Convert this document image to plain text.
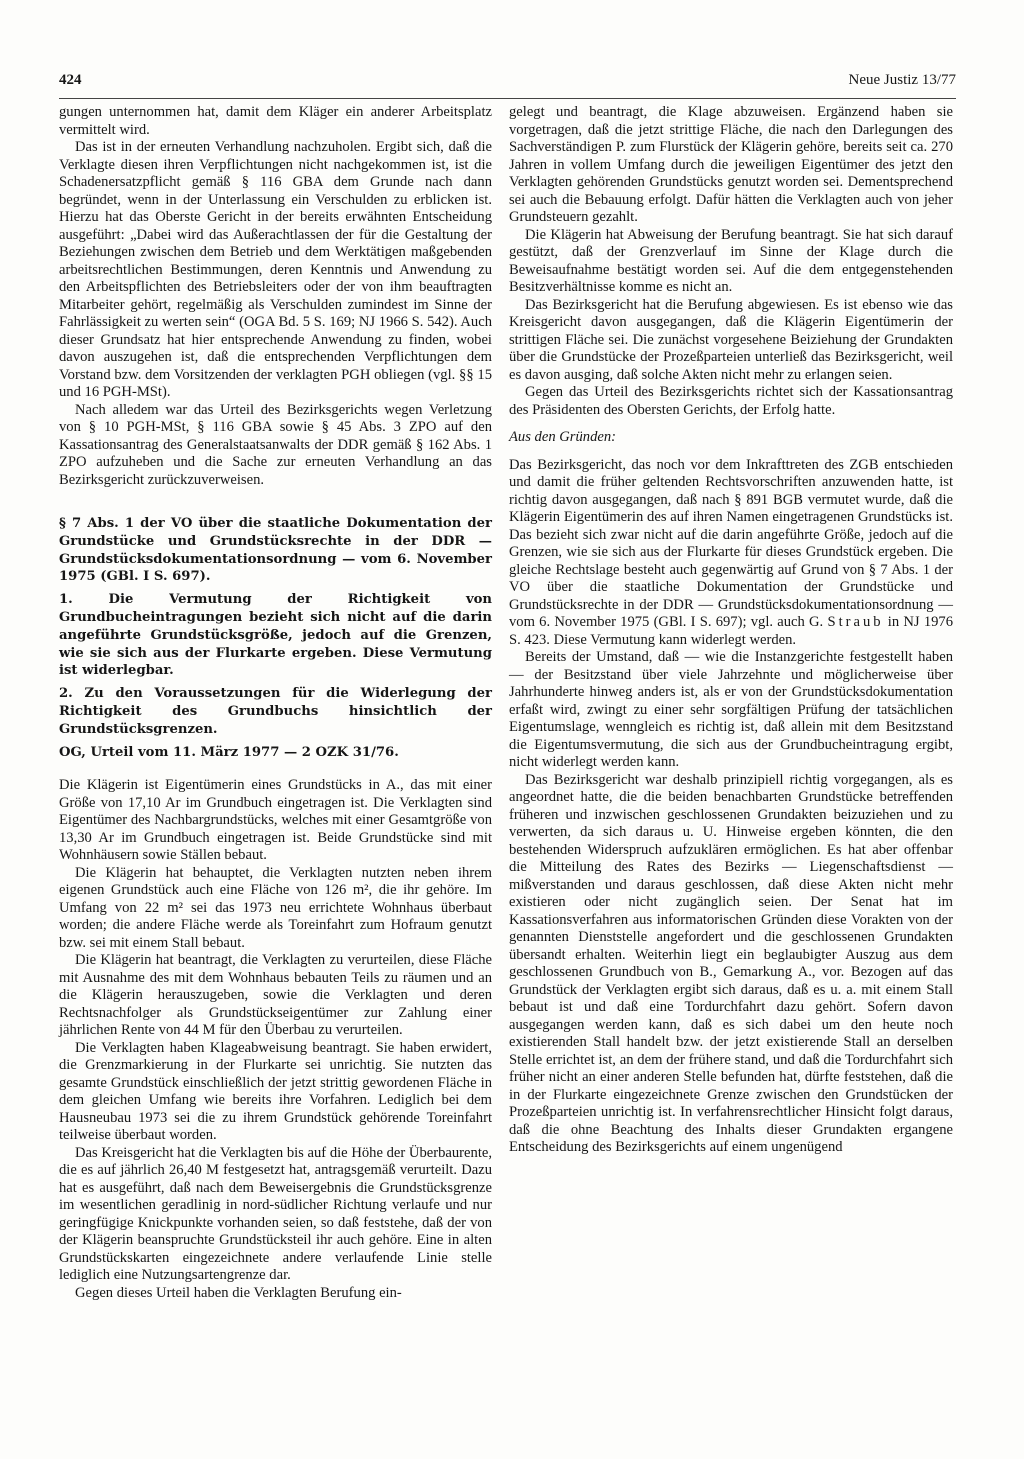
424	Neue Justiz 13/77

gungen unternommen hat, damit dem Kläger ein anderer Arbeitsplatz vermittelt wird.

Das ist in der erneuten Verhandlung nachzuholen. Ergibt sich, daß die Verklagte diesen ihren Verpflichtungen nicht nachgekommen ist, ist die Schadenersatzpflicht gemäß § 116 GBA dem Grunde nach dann begründet, wenn in der Unterlassung ein Verschulden zu erblicken ist. Hierzu hat das Oberste Gericht in der bereits erwähnten Entscheidung ausgeführt: „Dabei wird das Außerachtlassen der für die Gestaltung der Beziehungen zwischen dem Betrieb und dem Werktätigen maßgebenden arbeitsrechtlichen Bestimmungen, deren Kenntnis und Anwendung zu den Arbeitspflichten des Betriebsleiters oder der von ihm beauftragten Mitarbeiter gehört, regelmäßig als Verschulden zumindest im Sinne der Fahrlässigkeit zu werten sein“ (OGA Bd. 5 S. 169; NJ 1966 S. 542). Auch dieser Grundsatz hat hier entsprechende Anwendung zu finden, wobei davon auszugehen ist, daß die entsprechenden Verpflichtungen dem Vorstand bzw. dem Vorsitzenden der verklagten PGH obliegen (vgl. §§ 15 und 16 PGH-MSt).

Nach alledem war das Urteil des Bezirksgerichts wegen Verletzung von § 10 PGH-MSt, § 116 GBA sowie § 45 Abs. 3 ZPO auf den Kassationsantrag des Generalstaatsanwalts der DDR gemäß § 162 Abs. 1 ZPO aufzuheben und die Sache zur erneuten Verhandlung an das Bezirksgericht zurückzuverweisen.

§ 7 Abs. 1 der VO über die staatliche Dokumentation der Grundstücke und Grundstücksrechte in der DDR — Grundstücksdokumentationsordnung — vom 6. November 1975 (GBl. I S. 697).

1. Die Vermutung der Richtigkeit von Grundbucheintragungen bezieht sich nicht auf die darin angeführte Grundstücksgröße, jedoch auf die Grenzen, wie sie sich aus der Flurkarte ergeben. Diese Vermutung ist widerlegbar.

2. Zu den Voraussetzungen für die Widerlegung der Richtigkeit des Grundbuchs hinsichtlich der Grundstücksgrenzen.

OG, Urteil vom 11. März 1977 — 2 OZK 31/76.

Die Klägerin ist Eigentümerin eines Grundstücks in A., das mit einer Größe von 17,10 Ar im Grundbuch eingetragen ist. Die Verklagten sind Eigentümer des Nachbargrundstücks, welches mit einer Gesamtgröße von 13,30 Ar im Grundbuch eingetragen ist. Beide Grundstücke sind mit Wohnhäusern sowie Ställen bebaut.

Die Klägerin hat behauptet, die Verklagten nutzten neben ihrem eigenen Grundstück auch eine Fläche von 126 m², die ihr gehöre. Im Umfang von 22 m² sei das 1973 neu errichtete Wohnhaus überbaut worden; die andere Fläche werde als Toreinfahrt zum Hofraum genutzt bzw. sei mit einem Stall bebaut.

Die Klägerin hat beantragt, die Verklagten zu verurteilen, diese Fläche mit Ausnahme des mit dem Wohnhaus bebauten Teils zu räumen und an die Klägerin herauszugeben, sowie die Verklagten und deren Rechtsnachfolger als Grundstückseigentümer zur Zahlung einer jährlichen Rente von 44 M für den Überbau zu verurteilen.

Die Verklagten haben Klageabweisung beantragt. Sie haben erwidert, die Grenzmarkierung in der Flurkarte sei unrichtig. Sie nutzten das gesamte Grundstück einschließlich der jetzt strittig gewordenen Fläche in dem gleichen Umfang wie bereits ihre Vorfahren. Lediglich bei dem Hausneubau 1973 sei die zu ihrem Grundstück gehörende Toreinfahrt teilweise überbaut worden.

Das Kreisgericht hat die Verklagten bis auf die Höhe der Überbaurente, die es auf jährlich 26,40 M festgesetzt hat, antragsgemäß verurteilt. Dazu hat es ausgeführt, daß nach dem Beweisergebnis die Grundstücksgrenze im wesentlichen geradlinig in nord-südlicher Richtung verlaufe und nur geringfügige Knickpunkte vorhanden seien, so daß feststehe, daß der von der Klägerin beanspruchte Grundstücksteil ihr auch gehöre. Eine in alten Grundstückskarten eingezeichnete andere verlaufende Linie stelle lediglich eine Nutzungsartengrenze dar.

Gegen dieses Urteil haben die Verklagten Berufung ein-

gelegt und beantragt, die Klage abzuweisen. Ergänzend haben sie vorgetragen, daß die jetzt strittige Fläche, die nach den Darlegungen des Sachverständigen P. zum Flurstück der Klägerin gehöre, bereits seit ca. 270 Jahren in vollem Umfang durch die jeweiligen Eigentümer des jetzt den Verklagten gehörenden Grundstücks genutzt worden sei. Dementsprechend sei auch die Bebauung erfolgt. Dafür hätten die Verklagten auch von jeher Grundsteuern gezahlt.

Die Klägerin hat Abweisung der Berufung beantragt. Sie hat sich darauf gestützt, daß der Grenzverlauf im Sinne der Klage durch die Beweisaufnahme bestätigt worden sei. Auf die dem entgegenstehenden Besitzverhältnisse komme es nicht an.

Das Bezirksgericht hat die Berufung abgewiesen. Es ist ebenso wie das Kreisgericht davon ausgegangen, daß die Klägerin Eigentümerin der strittigen Fläche sei. Die zunächst vorgesehene Beiziehung der Grundakten über die Grundstücke der Prozeßparteien unterließ das Bezirksgericht, weil es davon ausging, daß solche Akten nicht mehr zu erlangen seien.

Gegen das Urteil des Bezirksgerichts richtet sich der Kassationsantrag des Präsidenten des Obersten Gerichts, der Erfolg hatte.

Aus den Gründen:

Das Bezirksgericht, das noch vor dem Inkrafttreten des ZGB entschieden und damit die früher geltenden Rechtsvorschriften anzuwenden hatte, ist richtig davon ausgegangen, daß nach § 891 BGB vermutet wurde, daß die Klägerin Eigentümerin des auf ihren Namen eingetragenen Grundstücks ist. Das bezieht sich zwar nicht auf die darin angeführte Größe, jedoch auf die Grenzen, wie sie sich aus der Flurkarte für dieses Grundstück ergeben. Die gleiche Rechtslage besteht auch gegenwärtig auf Grund von § 7 Abs. 1 der VO über die staatliche Dokumentation der Grundstücke und Grundstücksrechte in der DDR — Grundstücksdokumentationsordnung — vom 6. November 1975 (GBl. I S. 697); vgl. auch G. Straub in NJ 1976 S. 423. Diese Vermutung kann widerlegt werden.

Bereits der Umstand, daß — wie die Instanzgerichte festgestellt haben — der Besitzstand über viele Jahrzehnte und möglicherweise über Jahrhunderte hinweg anders ist, als er von der Grundstücksdokumentation erfaßt wird, zwingt zu einer sehr sorgfältigen Prüfung der tatsächlichen Eigentumslage, wenngleich es richtig ist, daß allein mit dem Besitzstand die Eigentumsvermutung, die sich aus der Grundbucheintragung ergibt, nicht widerlegt werden kann.

Das Bezirksgericht war deshalb prinzipiell richtig vorgegangen, als es angeordnet hatte, die die beiden benachbarten Grundstücke betreffenden früheren und inzwischen geschlossenen Grundakten beizuziehen und zu verwerten, da sich daraus u. U. Hinweise ergeben könnten, die den bestehenden Widerspruch aufzuklären ermöglichen. Es hat aber offenbar die Mitteilung des Rates des Bezirks — Liegenschaftsdienst — mißverstanden und daraus geschlossen, daß diese Akten nicht mehr existieren oder nicht zugänglich seien. Der Senat hat im Kassationsverfahren aus informatorischen Gründen diese Vorakten von der genannten Dienststelle angefordert und die geschlossenen Grundakten übersandt erhalten. Weiterhin liegt ein beglaubigter Auszug aus dem geschlossenen Grundbuch von B., Gemarkung A., vor. Bezogen auf das Grundstück der Verklagten ergibt sich daraus, daß es u. a. mit einem Stall bebaut ist und daß eine Tordurchfahrt dazu gehört. Sofern davon ausgegangen werden kann, daß es sich dabei um den heute noch existierenden Stall handelt bzw. der jetzt existierende Stall an derselben Stelle errichtet ist, an dem der frühere stand, und daß die Tordurchfahrt sich früher nicht an einer anderen Stelle befunden hat, dürfte feststehen, daß die in der Flurkarte eingezeichnete Grenze zwischen den Grundstücken der Prozeßparteien unrichtig ist. In verfahrensrechtlicher Hinsicht folgt daraus, daß die ohne Beachtung des Inhalts dieser Grundakten ergangene Entscheidung des Bezirksgerichts auf einem ungenügend
